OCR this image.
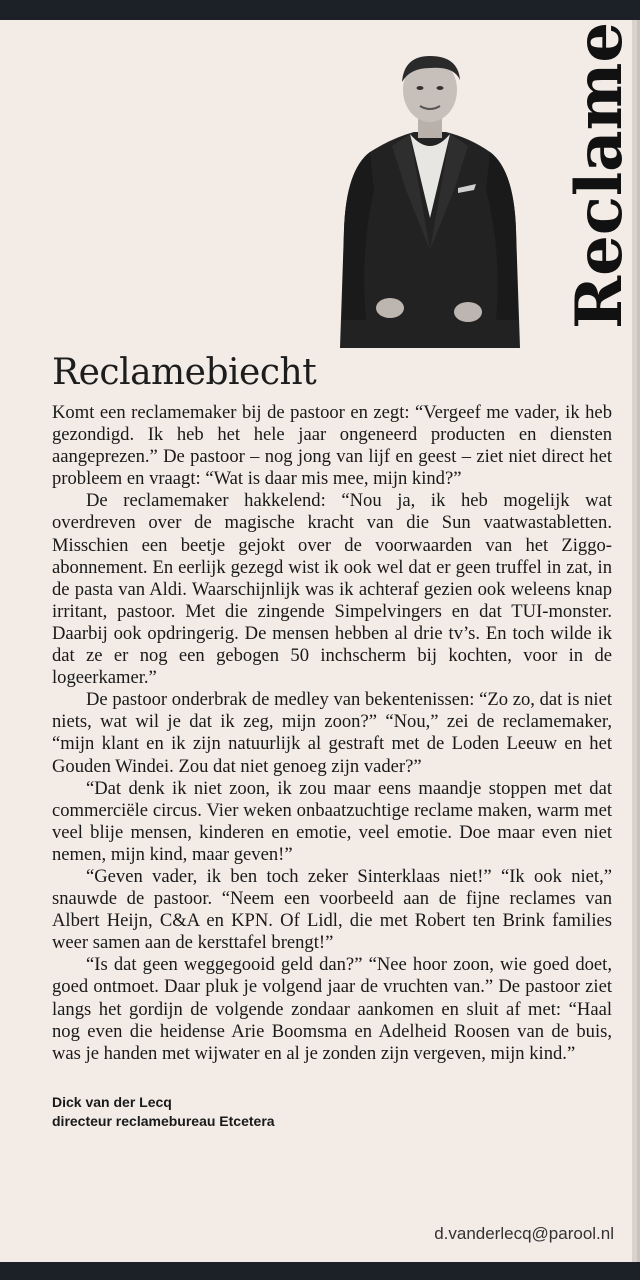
Reclame
Reclamebiecht

Komt een reclamemaker bij de pastoor en zegt: “Vergeef me vader, ik heb gezondigd. Ik heb het hele jaar ongeneerd producten en diensten aangeprezen.” De pastoor – nog jong van lijf en geest – ziet niet direct het probleem en vraagt: “Wat is daar mis mee, mijn kind?”

De reclamemaker hakkelend: “Nou ja, ik heb mogelijk wat overdreven over de magische kracht van die Sun vaatwastabletten. Misschien een beetje gejokt over de voorwaarden van het Ziggo-abonnement. En eerlijk gezegd wist ik ook wel dat er geen truffel in zat, in de pasta van Aldi. Waarschijnlijk was ik achteraf gezien ook weleens knap irritant, pastoor. Met die zingende Simpelvingers en dat TUI-monster. Daarbij ook opdringerig. De mensen hebben al drie tv’s. En toch wilde ik dat ze er nog een gebogen 50 inchscherm bij kochten, voor in de logeerkamer.”

De pastoor onderbrak de medley van bekentenissen: “Zo zo, dat is niet niets, wat wil je dat ik zeg, mijn zoon?” “Nou,” zei de reclamemaker, “mijn klant en ik zijn natuurlijk al gestraft met de Loden Leeuw en het Gouden Windei. Zou dat niet genoeg zijn vader?”

“Dat denk ik niet zoon, ik zou maar eens maandje stoppen met dat commerciële circus. Vier weken onbaatzuchtige reclame maken, warm met veel blije mensen, kinderen en emotie, veel emotie. Doe maar even niet nemen, mijn kind, maar geven!”

“Geven vader, ik ben toch zeker Sinterklaas niet!” “Ik ook niet,” snauwde de pastoor. “Neem een voorbeeld aan de fijne reclames van Albert Heijn, C&A en KPN. Of Lidl, die met Robert ten Brink families weer samen aan de kersttafel brengt!”

“Is dat geen weggegooid geld dan?” “Nee hoor zoon, wie goed doet, goed ontmoet. Daar pluk je volgend jaar de vruchten van.” De pastoor ziet langs het gordijn de volgende zondaar aankomen en sluit af met: “Haal nog even die heidense Arie Boomsma en Adelheid Roosen van de buis, was je handen met wijwater en al je zonden zijn vergeven, mijn kind.”

Dick van der Lecq
directeur reclamebureau Etcetera
d.vanderlecq@parool.nl
